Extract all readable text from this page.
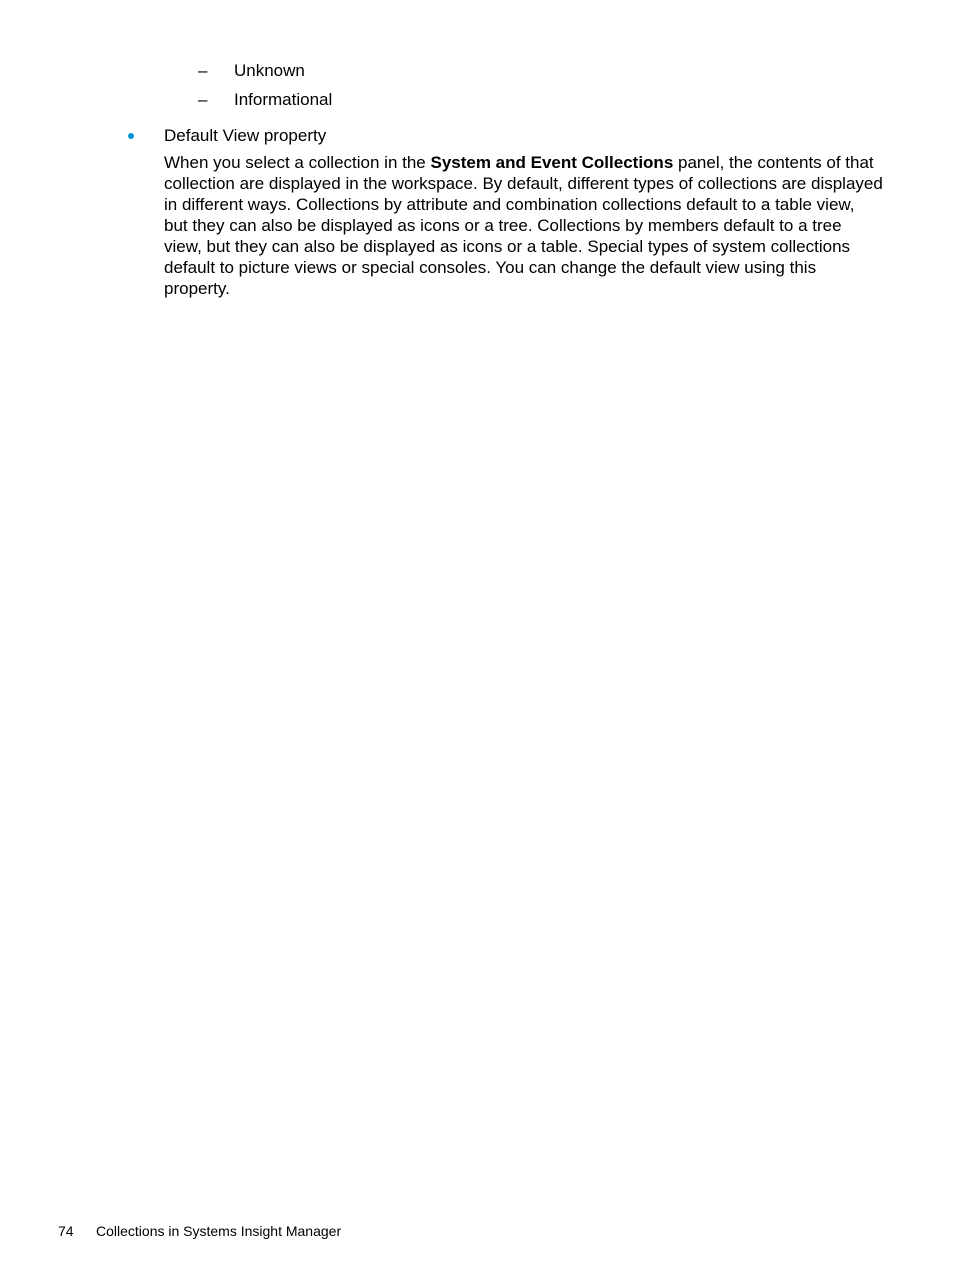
– Unknown
– Informational
Default View property

When you select a collection in the System and Event Collections panel, the contents of that
collection are displayed in the workspace. By default, different types of collections are displayed
in different ways. Collections by attribute and combination collections default to a table view,
but they can also be displayed as icons or a tree. Collections by members default to a tree
view, but they can also be displayed as icons or a table. Special types of system collections
default to picture views or special consoles. You can change the default view using this
property.

74 Collections in Systems Insight Manager
